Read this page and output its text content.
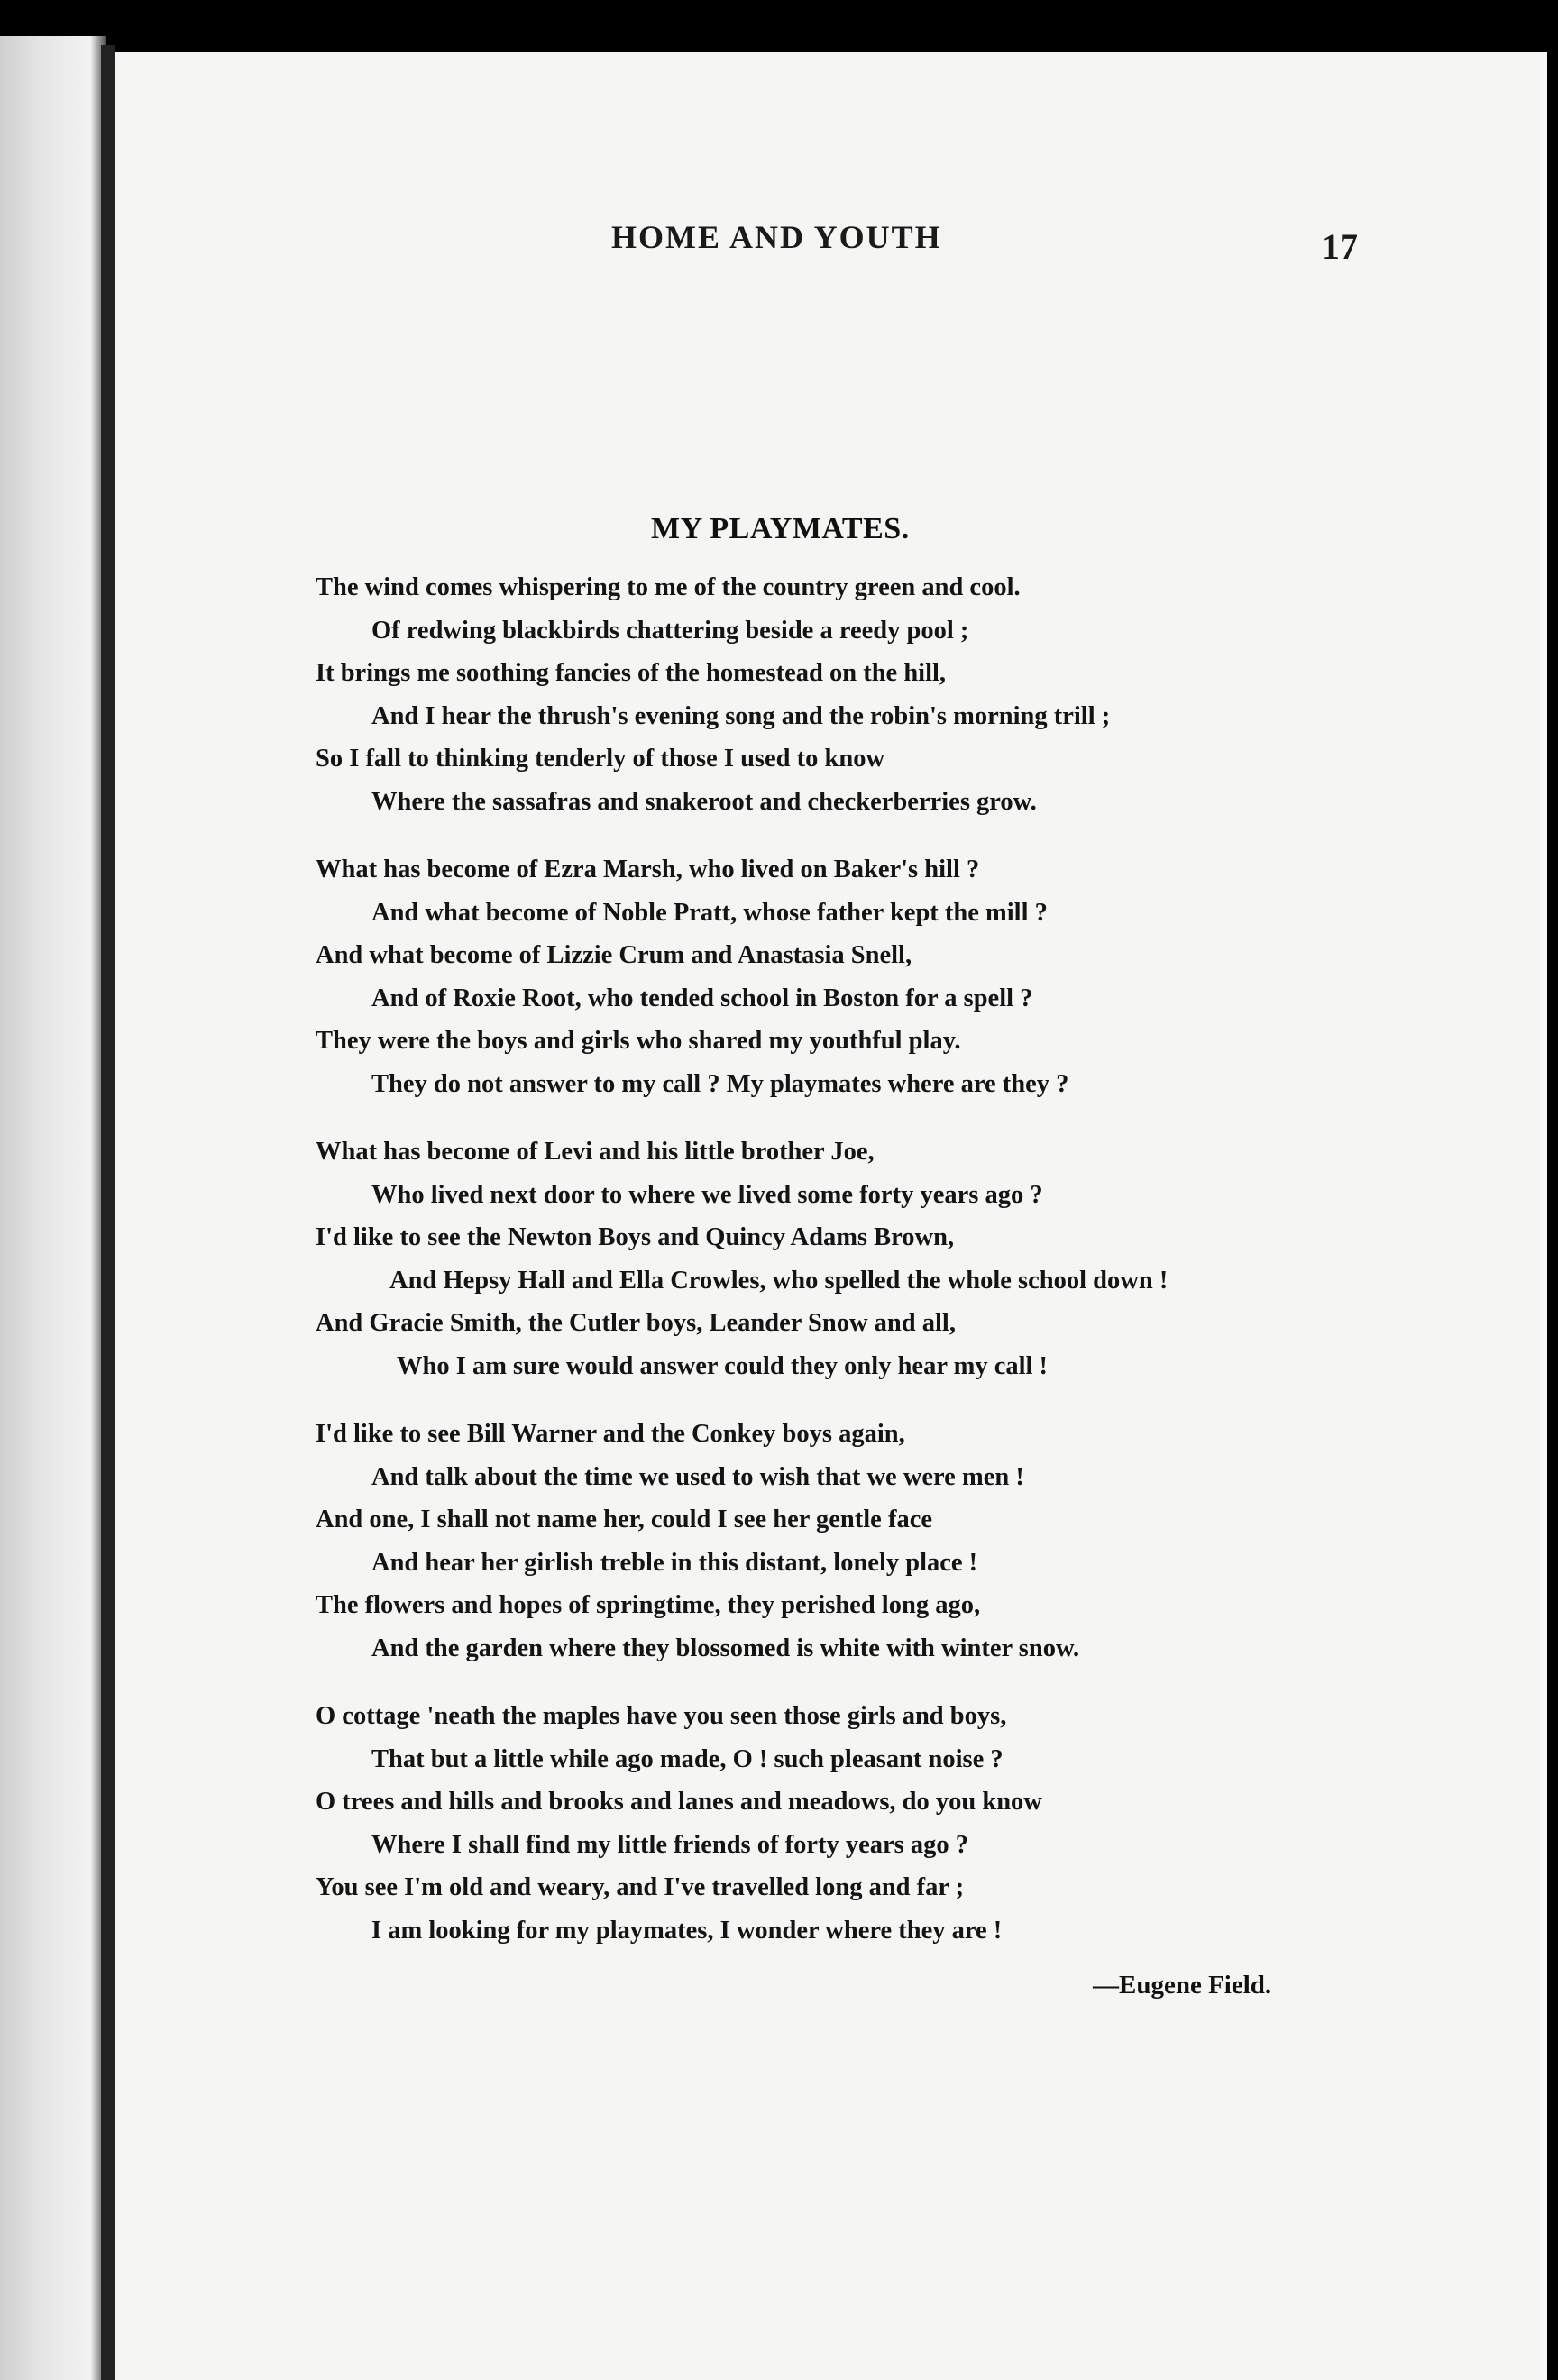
HOME AND YOUTH	17
MY PLAYMATES.
The wind comes whispering to me of the country green and cool.
Of redwing blackbirds chattering beside a reedy pool ;
It brings me soothing fancies of the homestead on the hill,
And I hear the thrush's evening song and the robin's morning trill ;
So I fall to thinking tenderly of those I used to know
Where the sassafras and snakeroot and checkerberries grow.
What has become of Ezra Marsh, who lived on Baker's hill ?
And what become of Noble Pratt, whose father kept the mill ?
And what become of Lizzie Crum and Anastasia Snell,
And of Roxie Root, who tended school in Boston for a spell ?
They were the boys and girls who shared my youthful play.
They do not answer to my call ? My playmates where are they ?
What has become of Levi and his little brother Joe,
Who lived next door to where we lived some forty years ago ?
I'd like to see the Newton Boys and Quincy Adams Brown,
And Hepsy Hall and Ella Crowles, who spelled the whole school down !
And Gracie Smith, the Cutler boys, Leander Snow and all,
Who I am sure would answer could they only hear my call !
I'd like to see Bill Warner and the Conkey boys again,
And talk about the time we used to wish that we were men !
And one, I shall not name her, could I see her gentle face
And hear her girlish treble in this distant, lonely place !
The flowers and hopes of springtime, they perished long ago,
And the garden where they blossomed is white with winter snow.
O cottage 'neath the maples have you seen those girls and boys,
That but a little while ago made, O ! such pleasant noise ?
O trees and hills and brooks and lanes and meadows, do you know
Where I shall find my little friends of forty years ago ?
You see I'm old and weary, and I've travelled long and far ;
I am looking for my playmates, I wonder where they are !
—Eugene Field.
